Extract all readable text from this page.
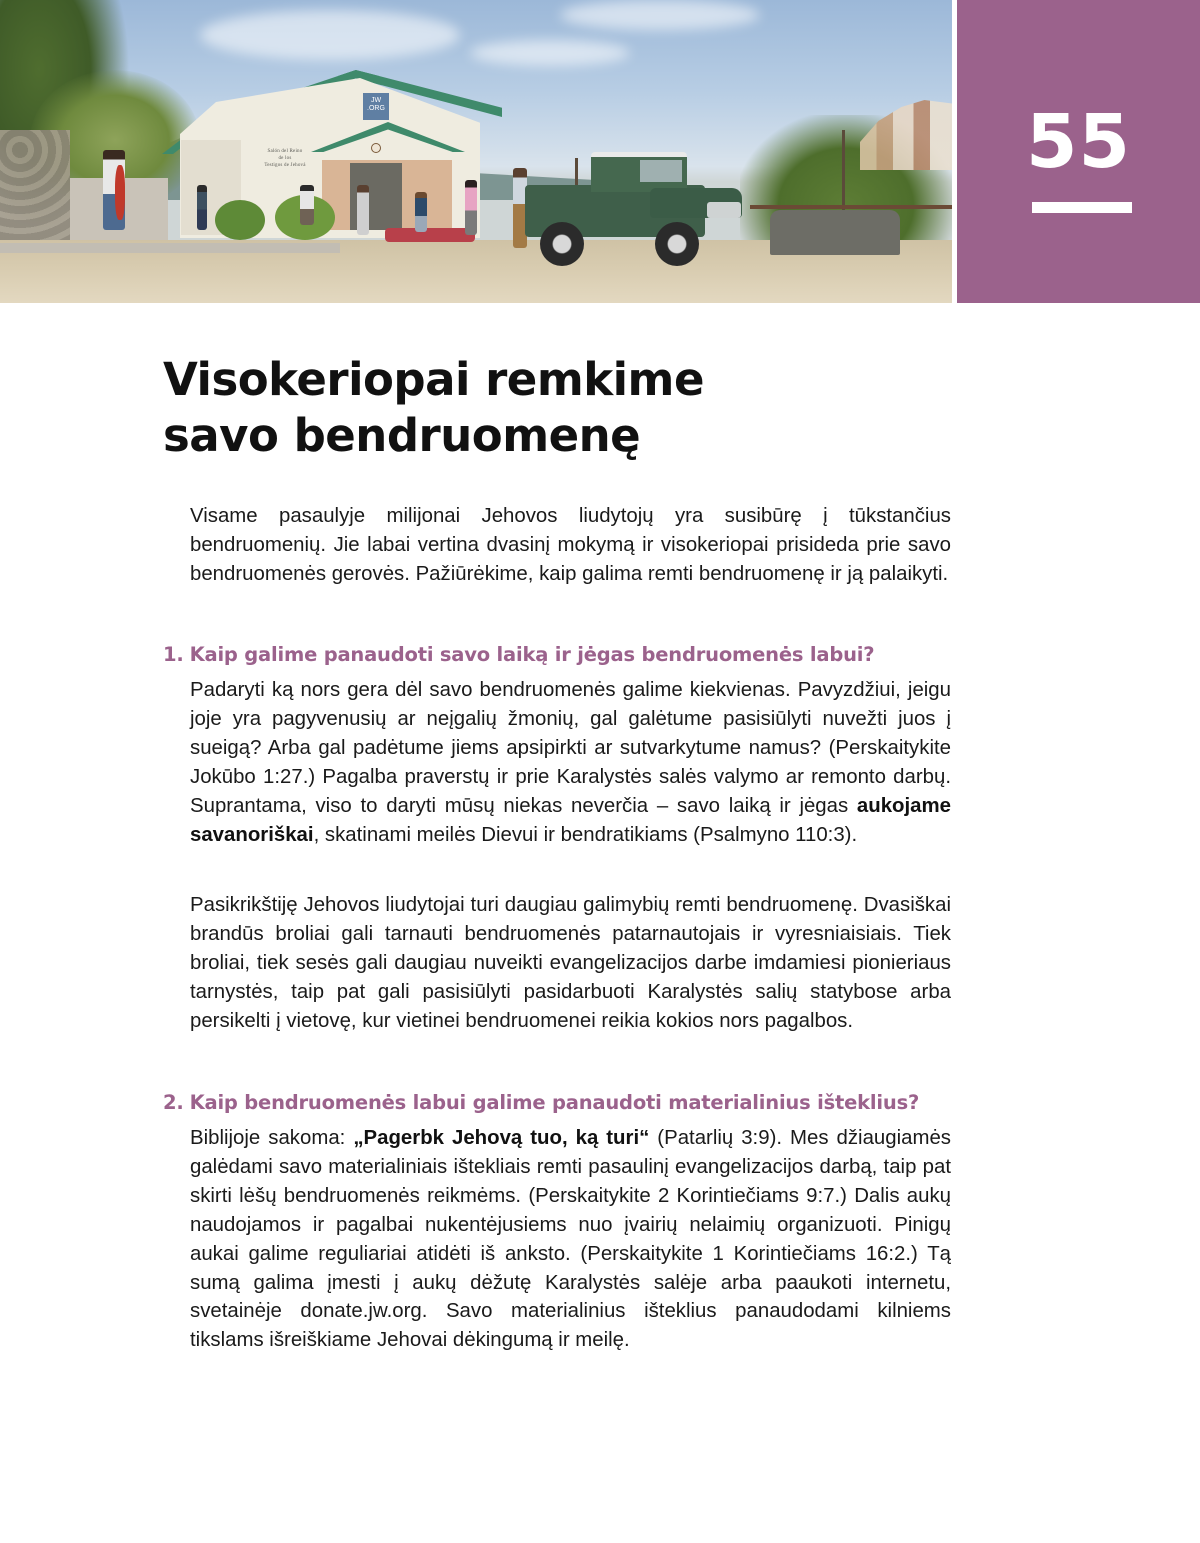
JW
.ORG
Salón del Reino
de los
Testigos de Jehová	55
Visokeriopai remkime
savo bendruomenę

Visame pasaulyje milijonai Jehovos liudytojų yra susibūrę į tūkstančius bendruomenių. Jie labai vertina dvasinį mokymą ir visokeriopai prisideda prie savo bendruomenės gerovės. Pažiūrėkime, kaip galima remti bendruomenę ir ją palaikyti.

1. Kaip galime panaudoti savo laiką ir jėgas bendruomenės labui?

Padaryti ką nors gera dėl savo bendruomenės galime kiekvienas. Pavyzdžiui, jeigu joje yra pagyvenusių ar neįgalių žmonių, gal galėtume pasisiūlyti nuvežti juos į sueigą? Arba gal padėtume jiems apsipirkti ar sutvarkytume namus? (Perskaitykite Jokūbo 1:27.) Pagalba praverstų ir prie Karalystės salės valymo ar remonto darbų. Suprantama, viso to daryti mūsų niekas neverčia – savo laiką ir jėgas aukojame savanoriškai, skatinami meilės Dievui ir bendratikiams (Psalmyno 110:3).

Pasikrikštiję Jehovos liudytojai turi daugiau galimybių remti bendruomenę. Dvasiškai brandūs broliai gali tarnauti bendruomenės patarnautojais ir vyresniaisiais. Tiek broliai, tiek sesės gali daugiau nuveikti evangelizacijos darbe imdamiesi pionieriaus tarnystės, taip pat gali pasisiūlyti pasidarbuoti Karalystės salių statybose arba persikelti į vietovę, kur vietinei bendruomenei reikia kokios nors pagalbos.

2. Kaip bendruomenės labui galime panaudoti materialinius išteklius?

Biblijoje sakoma: „Pagerbk Jehovą tuo, ką turi“ (Patarlių 3:9). Mes džiaugiamės galėdami savo materialiniais ištekliais remti pasaulinį evangelizacijos darbą, taip pat skirti lėšų bendruomenės reikmėms. (Perskaitykite 2 Korintiečiams 9:7.) Dalis aukų naudojamos ir pagalbai nukentėjusiems nuo įvairių nelaimių organizuoti. Pinigų aukai galime reguliariai atidėti iš anksto. (Perskaitykite 1 Korintiečiams 16:2.) Tą sumą galima įmesti į aukų dėžutę Karalystės salėje arba paaukoti internetu, svetainėje donate.jw.org. Savo materialinius išteklius panaudodami kilniems tikslams išreiškiame Jehovai dėkingumą ir meilę.
